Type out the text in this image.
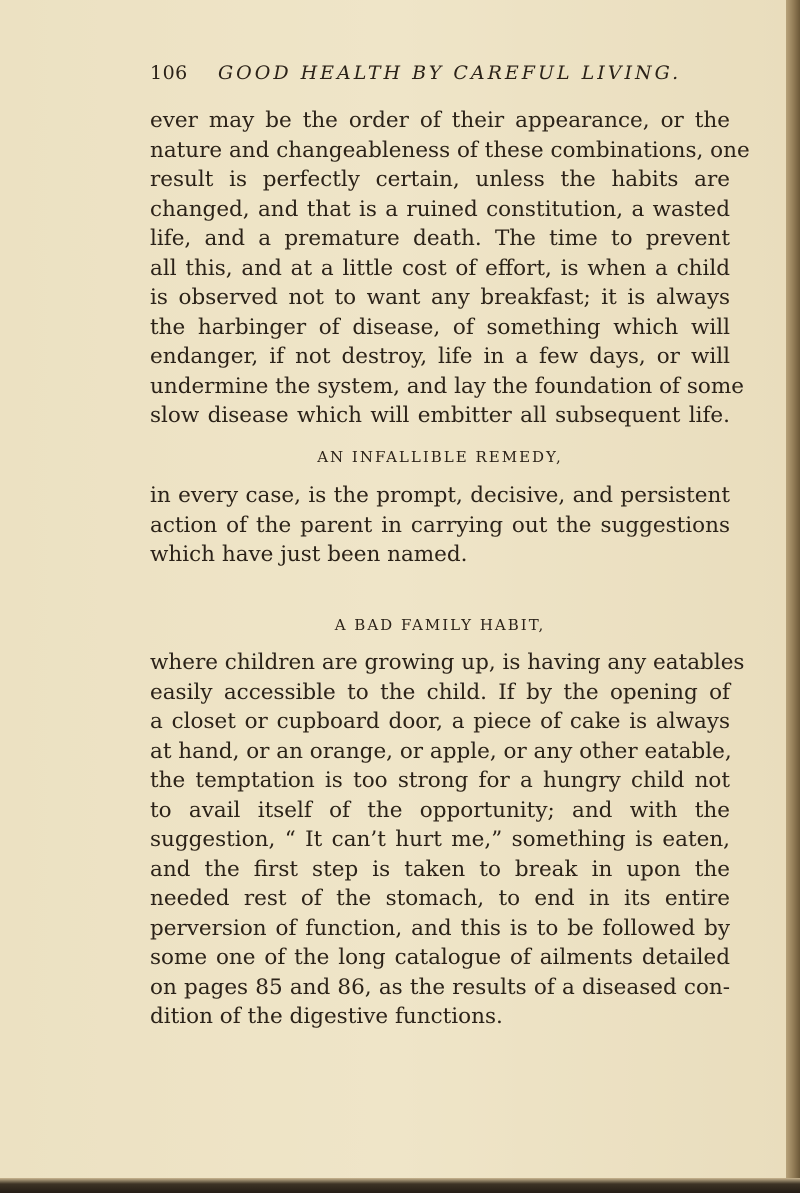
106 GOOD HEALTH BY CAREFUL LIVING.
ever may be the order of their appearance, or the
nature and changeableness of these combinations, one
result is perfectly certain, unless the habits are
changed, and that is a ruined constitution, a wasted
life, and a premature death. The time to prevent
all this, and at a little cost of effort, is when a child
is observed not to want any breakfast; it is always
the harbinger of disease, of something which will
endanger, if not destroy, life in a few days, or will
undermine the system, and lay the foundation of some
slow disease which will embitter all subsequent life.
AN INFALLIBLE REMEDY,
in every case, is the prompt, decisive, and persistent
action of the parent in carrying out the suggestions
which have just been named.
A BAD FAMILY HABIT,
where children are growing up, is having any eatables
easily accessible to the child. If by the opening of
a closet or cupboard door, a piece of cake is always
at hand, or an orange, or apple, or any other eatable,
the temptation is too strong for a hungry child not
to avail itself of the opportunity; and with the
suggestion, “ It can’t hurt me,” something is eaten,
and the first step is taken to break in upon the
needed rest of the stomach, to end in its entire
perversion of function, and this is to be followed by
some one of the long catalogue of ailments detailed
on pages 85 and 86, as the results of a diseased con-
dition of the digestive functions.
